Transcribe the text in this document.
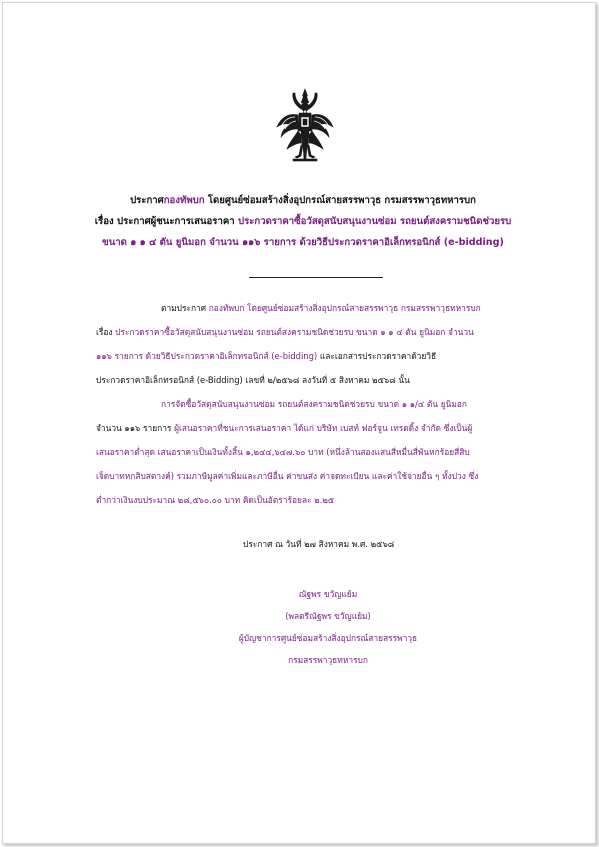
ประกาศกองทัพบก โดยศูนย์ซ่อมสร้างสิ่งอุปกรณ์สายสรรพาวุธ กรมสรรพาวุธทหารบก
เรื่อง ประกาศผู้ชนะการเสนอราคา ประกวดราคาซื้อวัสดุสนับสนุนงานซ่อม รถยนต์สงครามชนิดช่วยรบ
ขนาด ๑ ๑ ๔ ตัน ยูนิมอก จำนวน ๑๑๖ รายการ ด้วยวิธีประกวดราคาอิเล็กทรอนิกส์ (e-bidding)
ตามประกาศ กองทัพบก โดยศูนย์ซ่อมสร้างสิ่งอุปกรณ์สายสรรพาวุธ กรมสรรพาวุธทหารบก
เรื่อง ประกวดราคาซื้อวัสดุสนับสนุนงานซ่อม รถยนต์สงครามชนิดช่วยรบ ขนาด ๑ ๑ ๔ ตัน ยูนิมอก จำนวน
๑๑๖ รายการ ด้วยวิธีประกวดราคาอิเล็กทรอนิกส์ (e-bidding) และเอกสารประกวดราคาด้วยวิธี
ประกวดราคาอิเล็กทรอนิกส์ (e-Bidding) เลขที่ ๒/๒๕๖๘ ลงวันที่ ๕ สิงหาคม ๒๕๖๘ นั้น
การจัดซื้อวัสดุสนับสนุนงานซ่อม รถยนต์สงครามชนิดช่วยรบ ขนาด ๑ ๑/๔ ตัน ยูนิมอก
จำนวน ๑๑๖ รายการ ผู้เสนอราคาที่ชนะการเสนอราคา ได้แก่ บริษัท เบสท์ ฟอร์จูน เทรดดิ้ง จำกัด ซึ่งเป็นผู้
เสนอราคาต่ำสุด เสนอราคาเป็นเงินทั้งสิ้น ๑,๒๔๔,๖๔๗.๖๐ บาท (หนึ่งล้านสองแสนสี่หมื่นสี่พันหกร้อยสี่สิบ
เจ็ดบาทหกสิบสตางค์) รวมภาษีมูลค่าเพิ่มและภาษีอื่น ค่าขนส่ง ค่าจดทะเบียน และค่าใช้จ่ายอื่น ๆ ทั้งปวง ซึ่ง
ต่ำกว่าเงินงบประมาณ ๒๘,๕๖๐.๐๐ บาท คิดเป็นอัตราร้อยละ ๒.๒๕
ประกาศ ณ วันที่ ๒๗ สิงหาคม พ.ศ. ๒๕๖๘
ณัฐพร ขวัญแย้ม
(พลตรีณัฐพร ขวัญแย้ม)
ผู้บัญชาการศูนย์ซ่อมสร้างสิ่งอุปกรณ์สายสรรพาวุธ
กรมสรรพาวุธทหารบก
